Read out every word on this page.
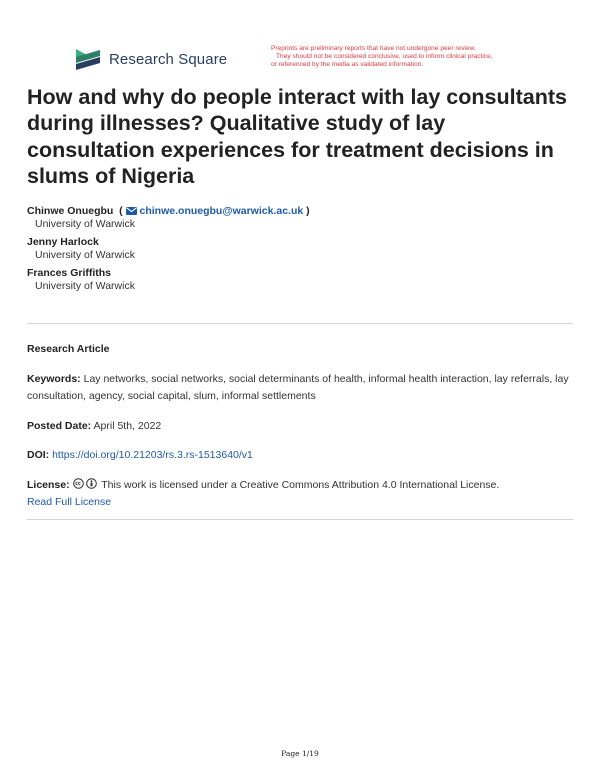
Research Square
Preprints are preliminary reports that have not undergone peer review.
They should not be considered conclusive, used to inform clinical practice,
or referenced by the media as validated information.
How and why do people interact with lay consultants during illnesses? Qualitative study of lay consultation experiences for treatment decisions in slums of Nigeria
Chinwe Onuegbu  ( chinwe.onuegbu@warwick.ac.uk )
University of Warwick
Jenny Harlock
University of Warwick
Frances Griffiths
University of Warwick
Research Article
Keywords: Lay networks, social networks, social determinants of health, informal health interaction, lay referrals, lay consultation, agency, social capital, slum, informal settlements
Posted Date: April 5th, 2022
DOI: https://doi.org/10.21203/rs.3.rs-1513640/v1
License:	This work is licensed under a Creative Commons Attribution 4.0 International License.
Read Full License
Page 1/19
